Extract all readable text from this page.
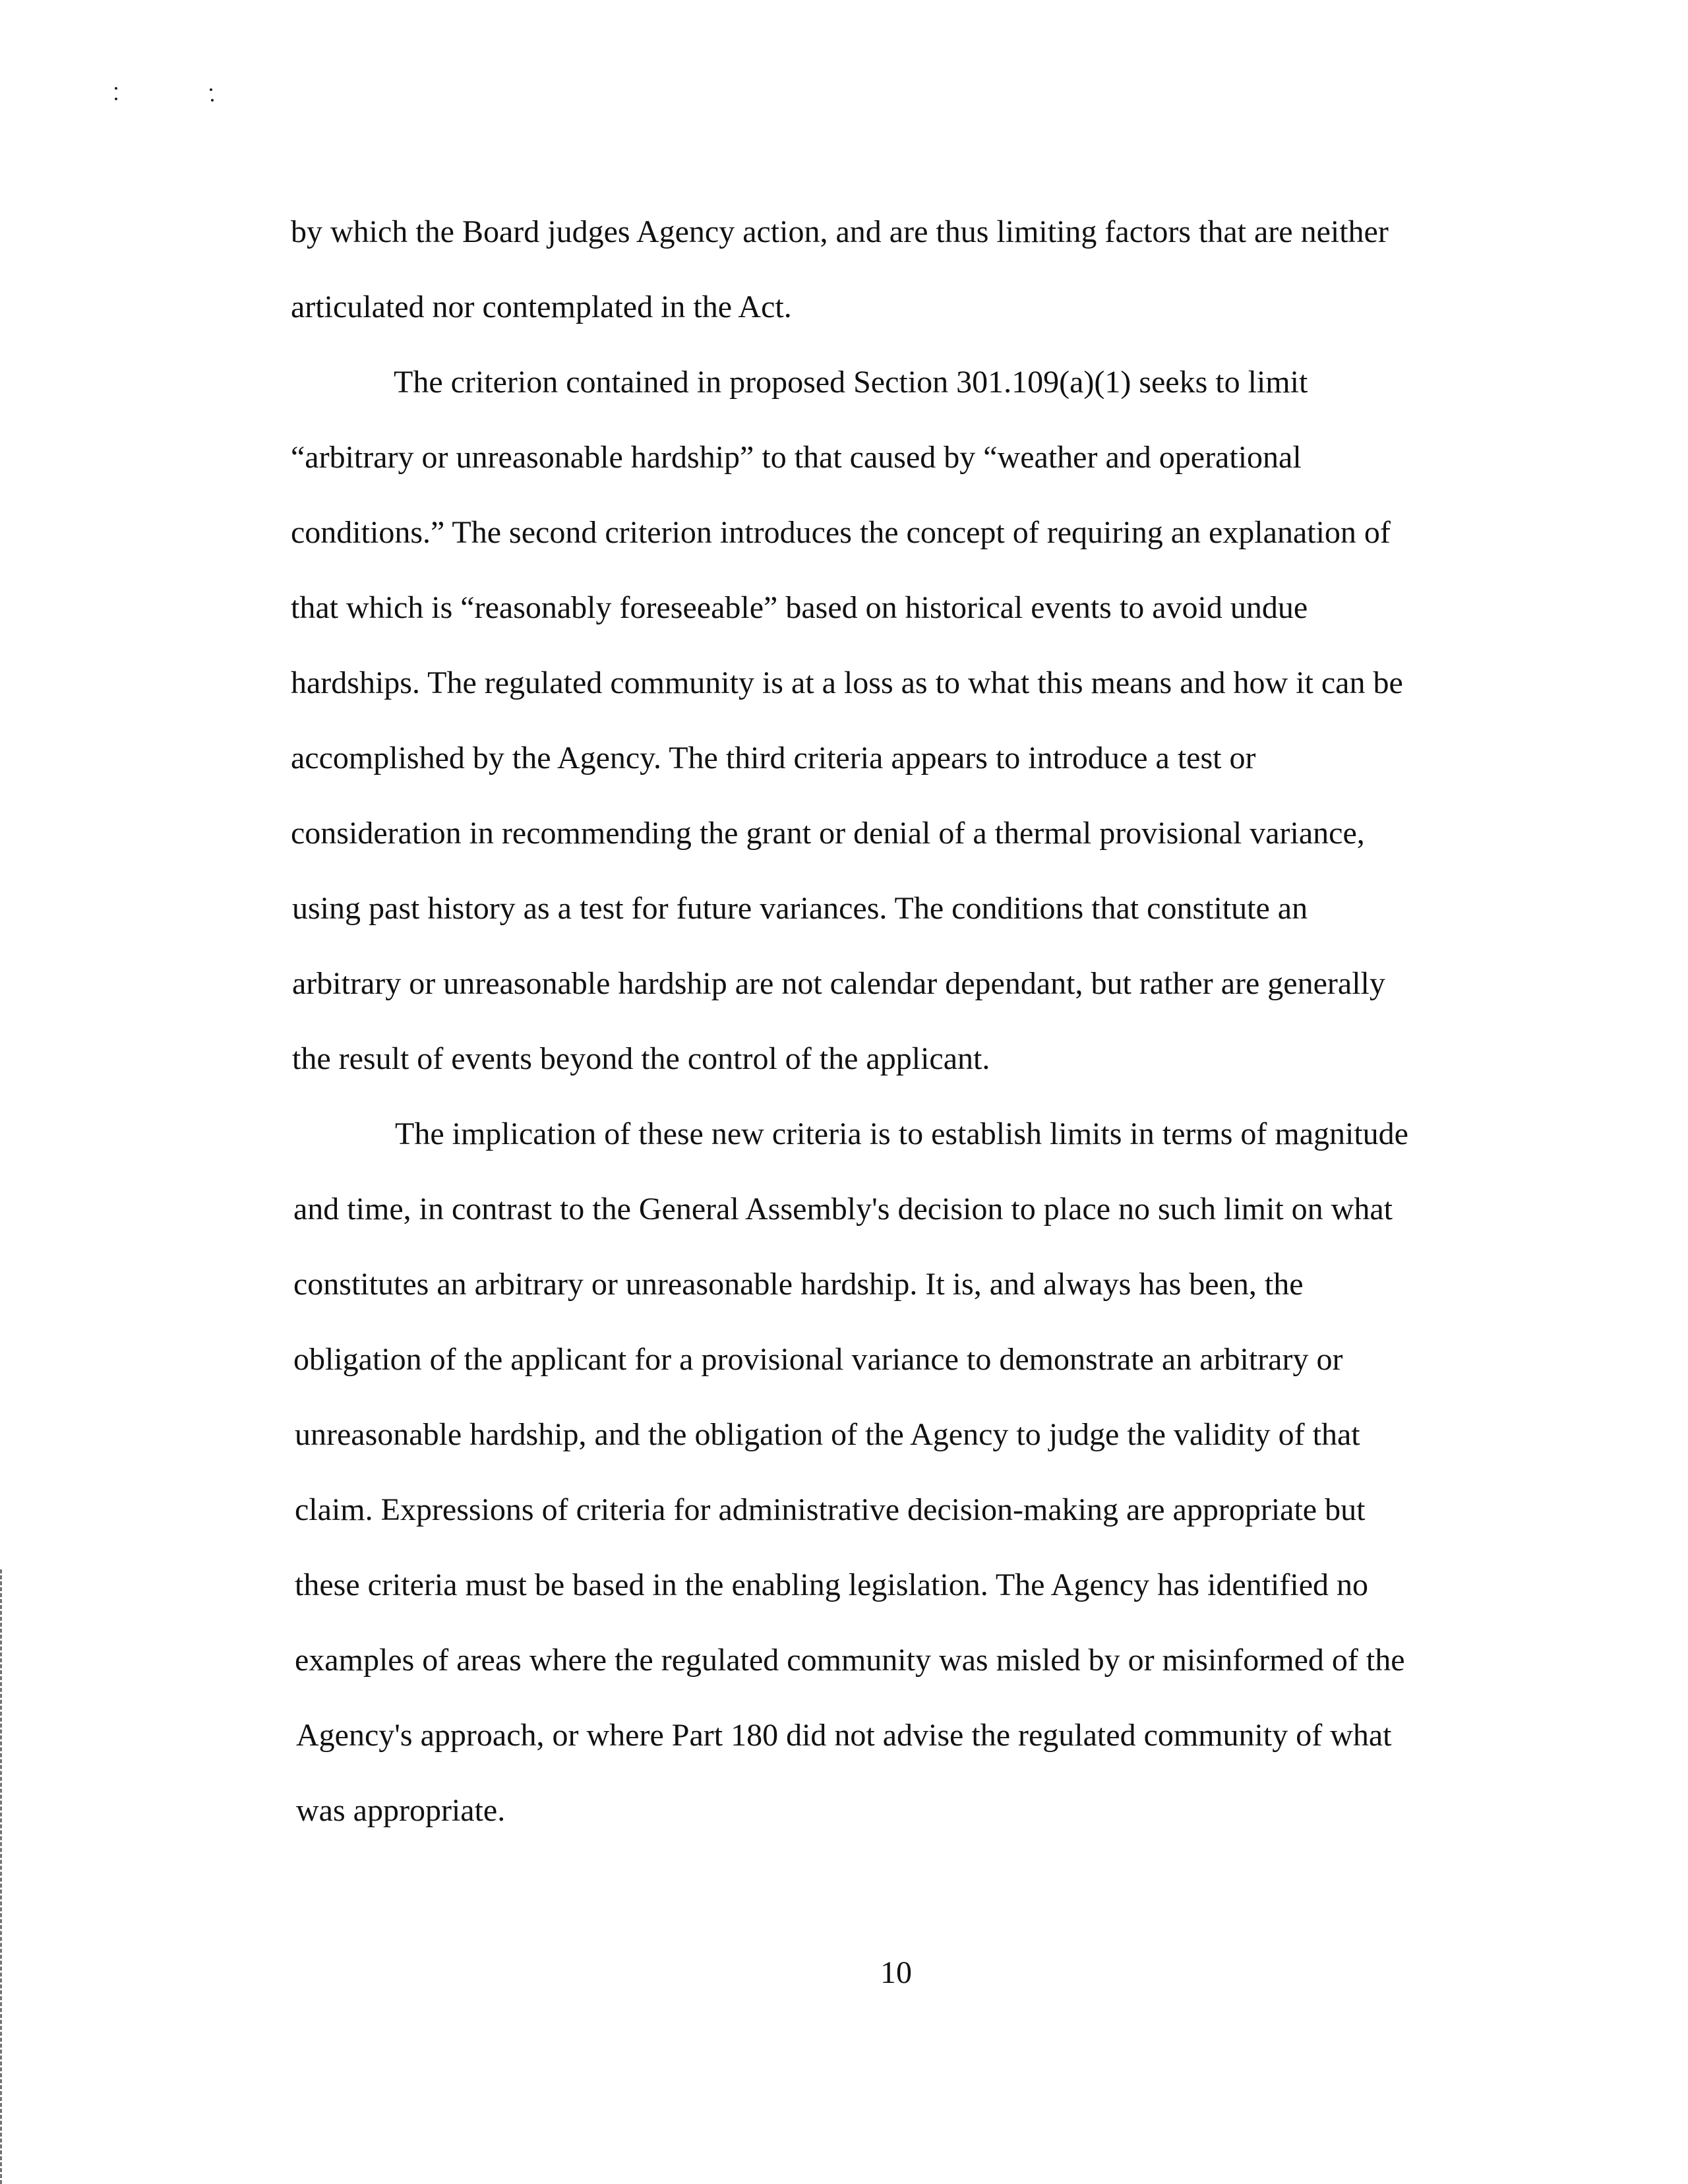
by which the Board judges Agency action, and are thus limiting factors that are neither

articulated nor contemplated in the Act.

The criterion contained in proposed Section 301.109(a)(1) seeks to limit

“arbitrary or unreasonable hardship” to that caused by “weather and operational

conditions.” The second criterion introduces the concept of requiring an explanation of

that which is “reasonably foreseeable” based on historical events to avoid undue

hardships. The regulated community is at a loss as to what this means and how it can be

accomplished by the Agency. The third criteria appears to introduce a test or

consideration in recommending the grant or denial of a thermal provisional variance,

using past history as a test for future variances. The conditions that constitute an

arbitrary or unreasonable hardship are not calendar dependant, but rather are generally

the result of events beyond the control of the applicant.

The implication of these new criteria is to establish limits in terms of magnitude

and time, in contrast to the General Assembly's decision to place no such limit on what

constitutes an arbitrary or unreasonable hardship. It is, and always has been, the

obligation of the applicant for a provisional variance to demonstrate an arbitrary or

unreasonable hardship, and the obligation of the Agency to judge the validity of that

claim. Expressions of criteria for administrative decision-making are appropriate but

these criteria must be based in the enabling legislation. The Agency has identified no

examples of areas where the regulated community was misled by or misinformed of the

Agency's approach, or where Part 180 did not advise the regulated community of what

was appropriate.

10
